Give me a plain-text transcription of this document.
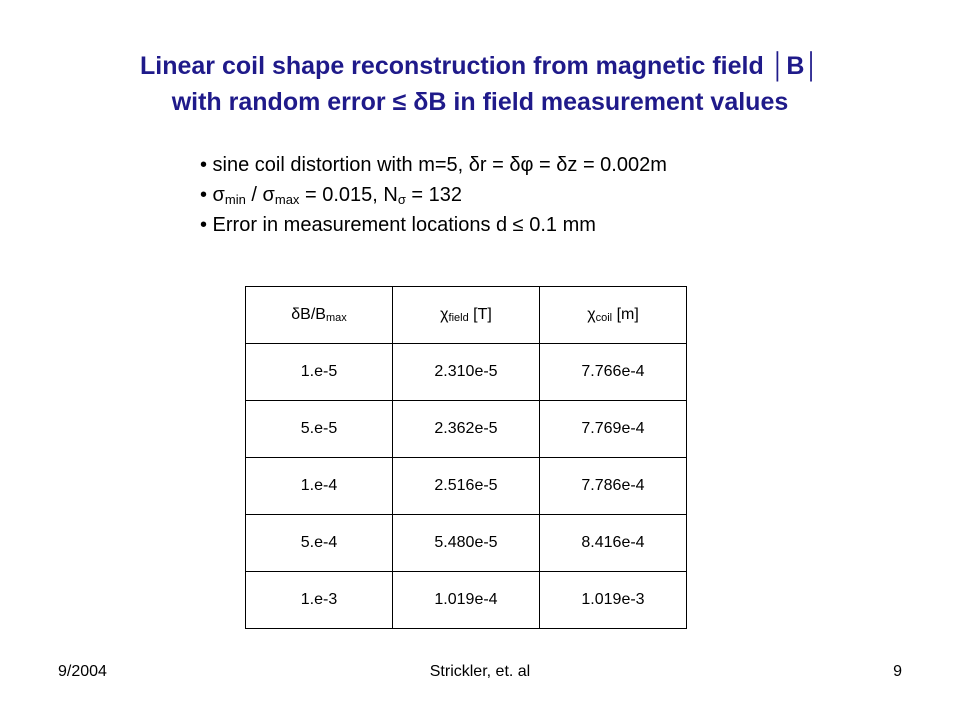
Linear coil shape reconstruction from magnetic field │B│
with random error ≤ δB in field measurement values
• sine coil distortion with m=5, δr = δφ = δz = 0.002m
• $\sigma_{min} / \sigma_{max} = 0.015$, $N_\sigma = 132$
• Error in measurement locations d ≤ 0.1 mm
$\delta B/B_{max}$	$\chi_{field}$ [T]	$\chi_{coil}$ [m]
1.e-5	2.310e-5	7.766e-4
5.e-5	2.362e-5	7.769e-4
1.e-4	2.516e-5	7.786e-4
5.e-4	5.480e-5	8.416e-4
1.e-3	1.019e-4	1.019e-3
9/2004	Strickler, et. al	9
